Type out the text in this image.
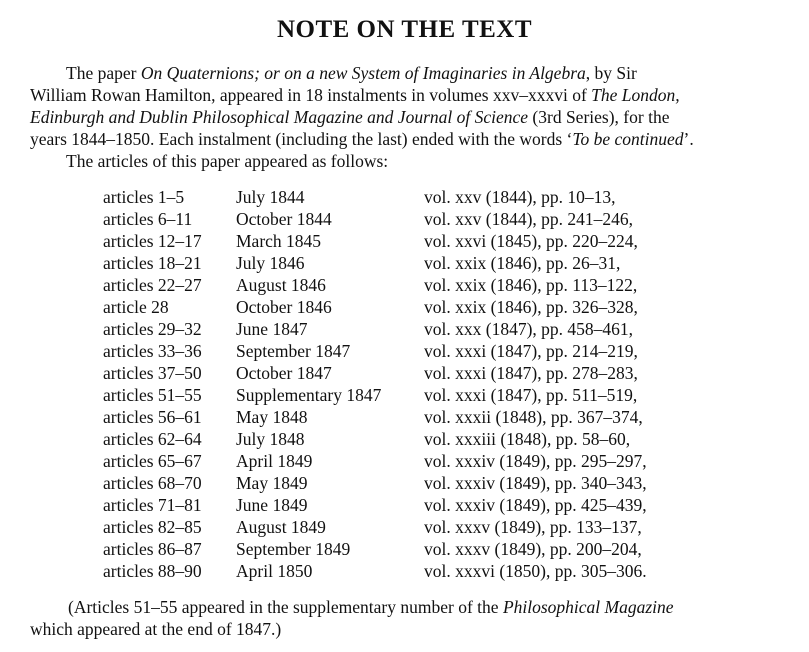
NOTE ON THE TEXT
The paper On Quaternions; or on a new System of Imaginaries in Algebra, by Sir
William Rowan Hamilton, appeared in 18 instalments in volumes xxv–xxxvi of The London,
Edinburgh and Dublin Philosophical Magazine and Journal of Science (3rd Series), for the
years 1844–1850. Each instalment (including the last) ended with the words ‘To be continued’.
The articles of this paper appeared as follows:
articles 1–5	July 1844	vol. xxv (1844), pp. 10–13,
articles 6–11	October 1844	vol. xxv (1844), pp. 241–246,
articles 12–17	March 1845	vol. xxvi (1845), pp. 220–224,
articles 18–21	July 1846	vol. xxix (1846), pp. 26–31,
articles 22–27	August 1846	vol. xxix (1846), pp. 113–122,
article 28	October 1846	vol. xxix (1846), pp. 326–328,
articles 29–32	June 1847	vol. xxx (1847), pp. 458–461,
articles 33–36	September 1847	vol. xxxi (1847), pp. 214–219,
articles 37–50	October 1847	vol. xxxi (1847), pp. 278–283,
articles 51–55	Supplementary 1847	vol. xxxi (1847), pp. 511–519,
articles 56–61	May 1848	vol. xxxii (1848), pp. 367–374,
articles 62–64	July 1848	vol. xxxiii (1848), pp. 58–60,
articles 65–67	April 1849	vol. xxxiv (1849), pp. 295–297,
articles 68–70	May 1849	vol. xxxiv (1849), pp. 340–343,
articles 71–81	June 1849	vol. xxxiv (1849), pp. 425–439,
articles 82–85	August 1849	vol. xxxv (1849), pp. 133–137,
articles 86–87	September 1849	vol. xxxv (1849), pp. 200–204,
articles 88–90	April 1850	vol. xxxvi (1850), pp. 305–306.
(Articles 51–55 appeared in the supplementary number of the Philosophical Magazine
which appeared at the end of 1847.)
